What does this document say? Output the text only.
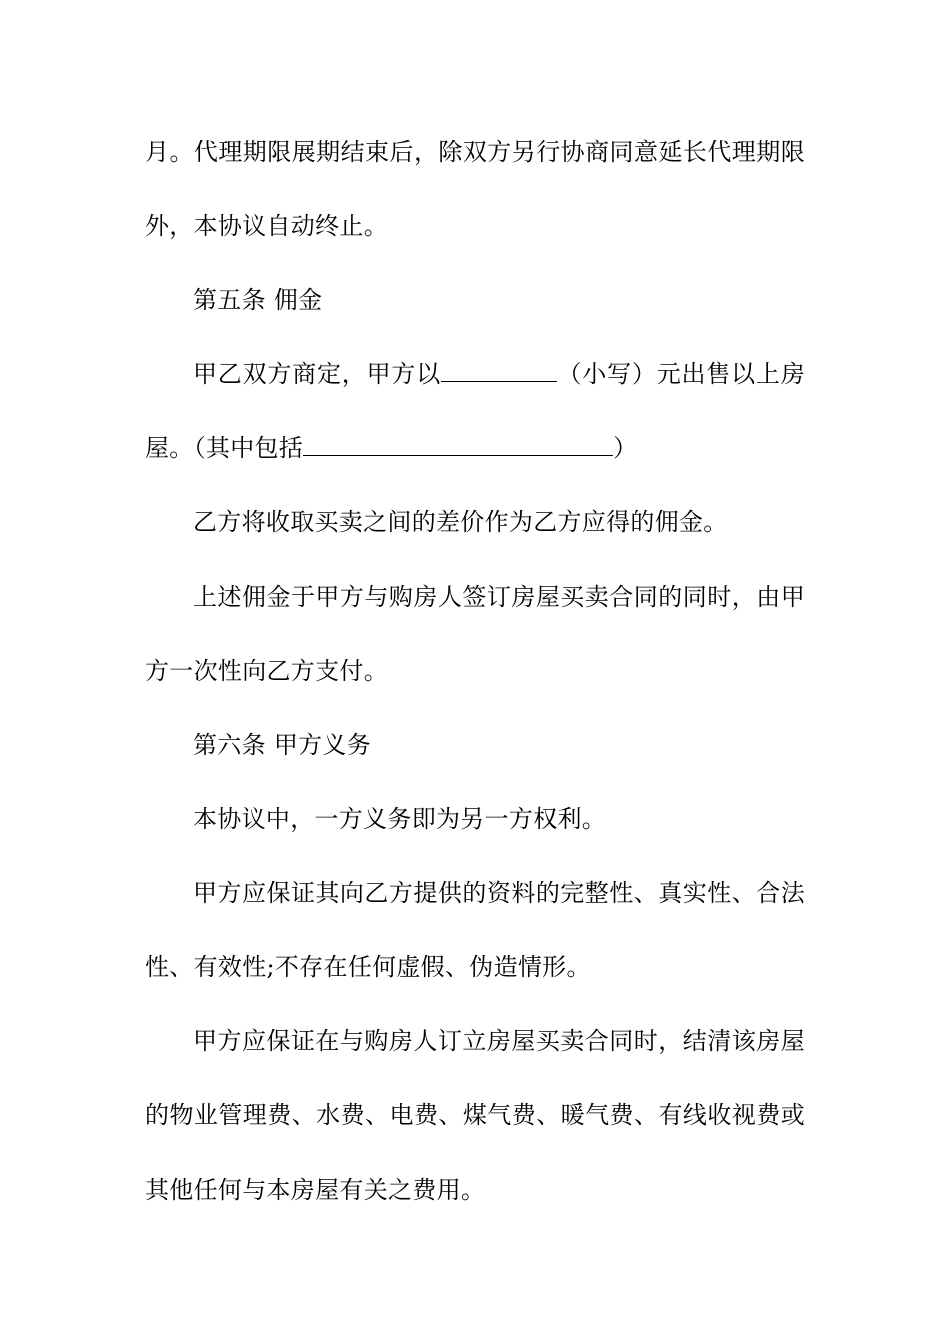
月。代理期限展期结束后，除双方另行协商同意延长代理期限
外，本协议自动终止。
第五条 佣金
甲乙双方商定，甲方以	（小写）元出售以上房
屋。（其中包括	）
乙方将收取买卖之间的差价作为乙方应得的佣金。
上述佣金于甲方与购房人签订房屋买卖合同的同时，由甲
方一次性向乙方支付。
第六条 甲方义务
本协议中，一方义务即为另一方权利。
甲方应保证其向乙方提供的资料的完整性、真实性、合法
性、有效性;不存在任何虚假、伪造情形。
甲方应保证在与购房人订立房屋买卖合同时，结清该房屋
的物业管理费、水费、电费、煤气费、暖气费、有线收视费或
其他任何与本房屋有关之费用。
